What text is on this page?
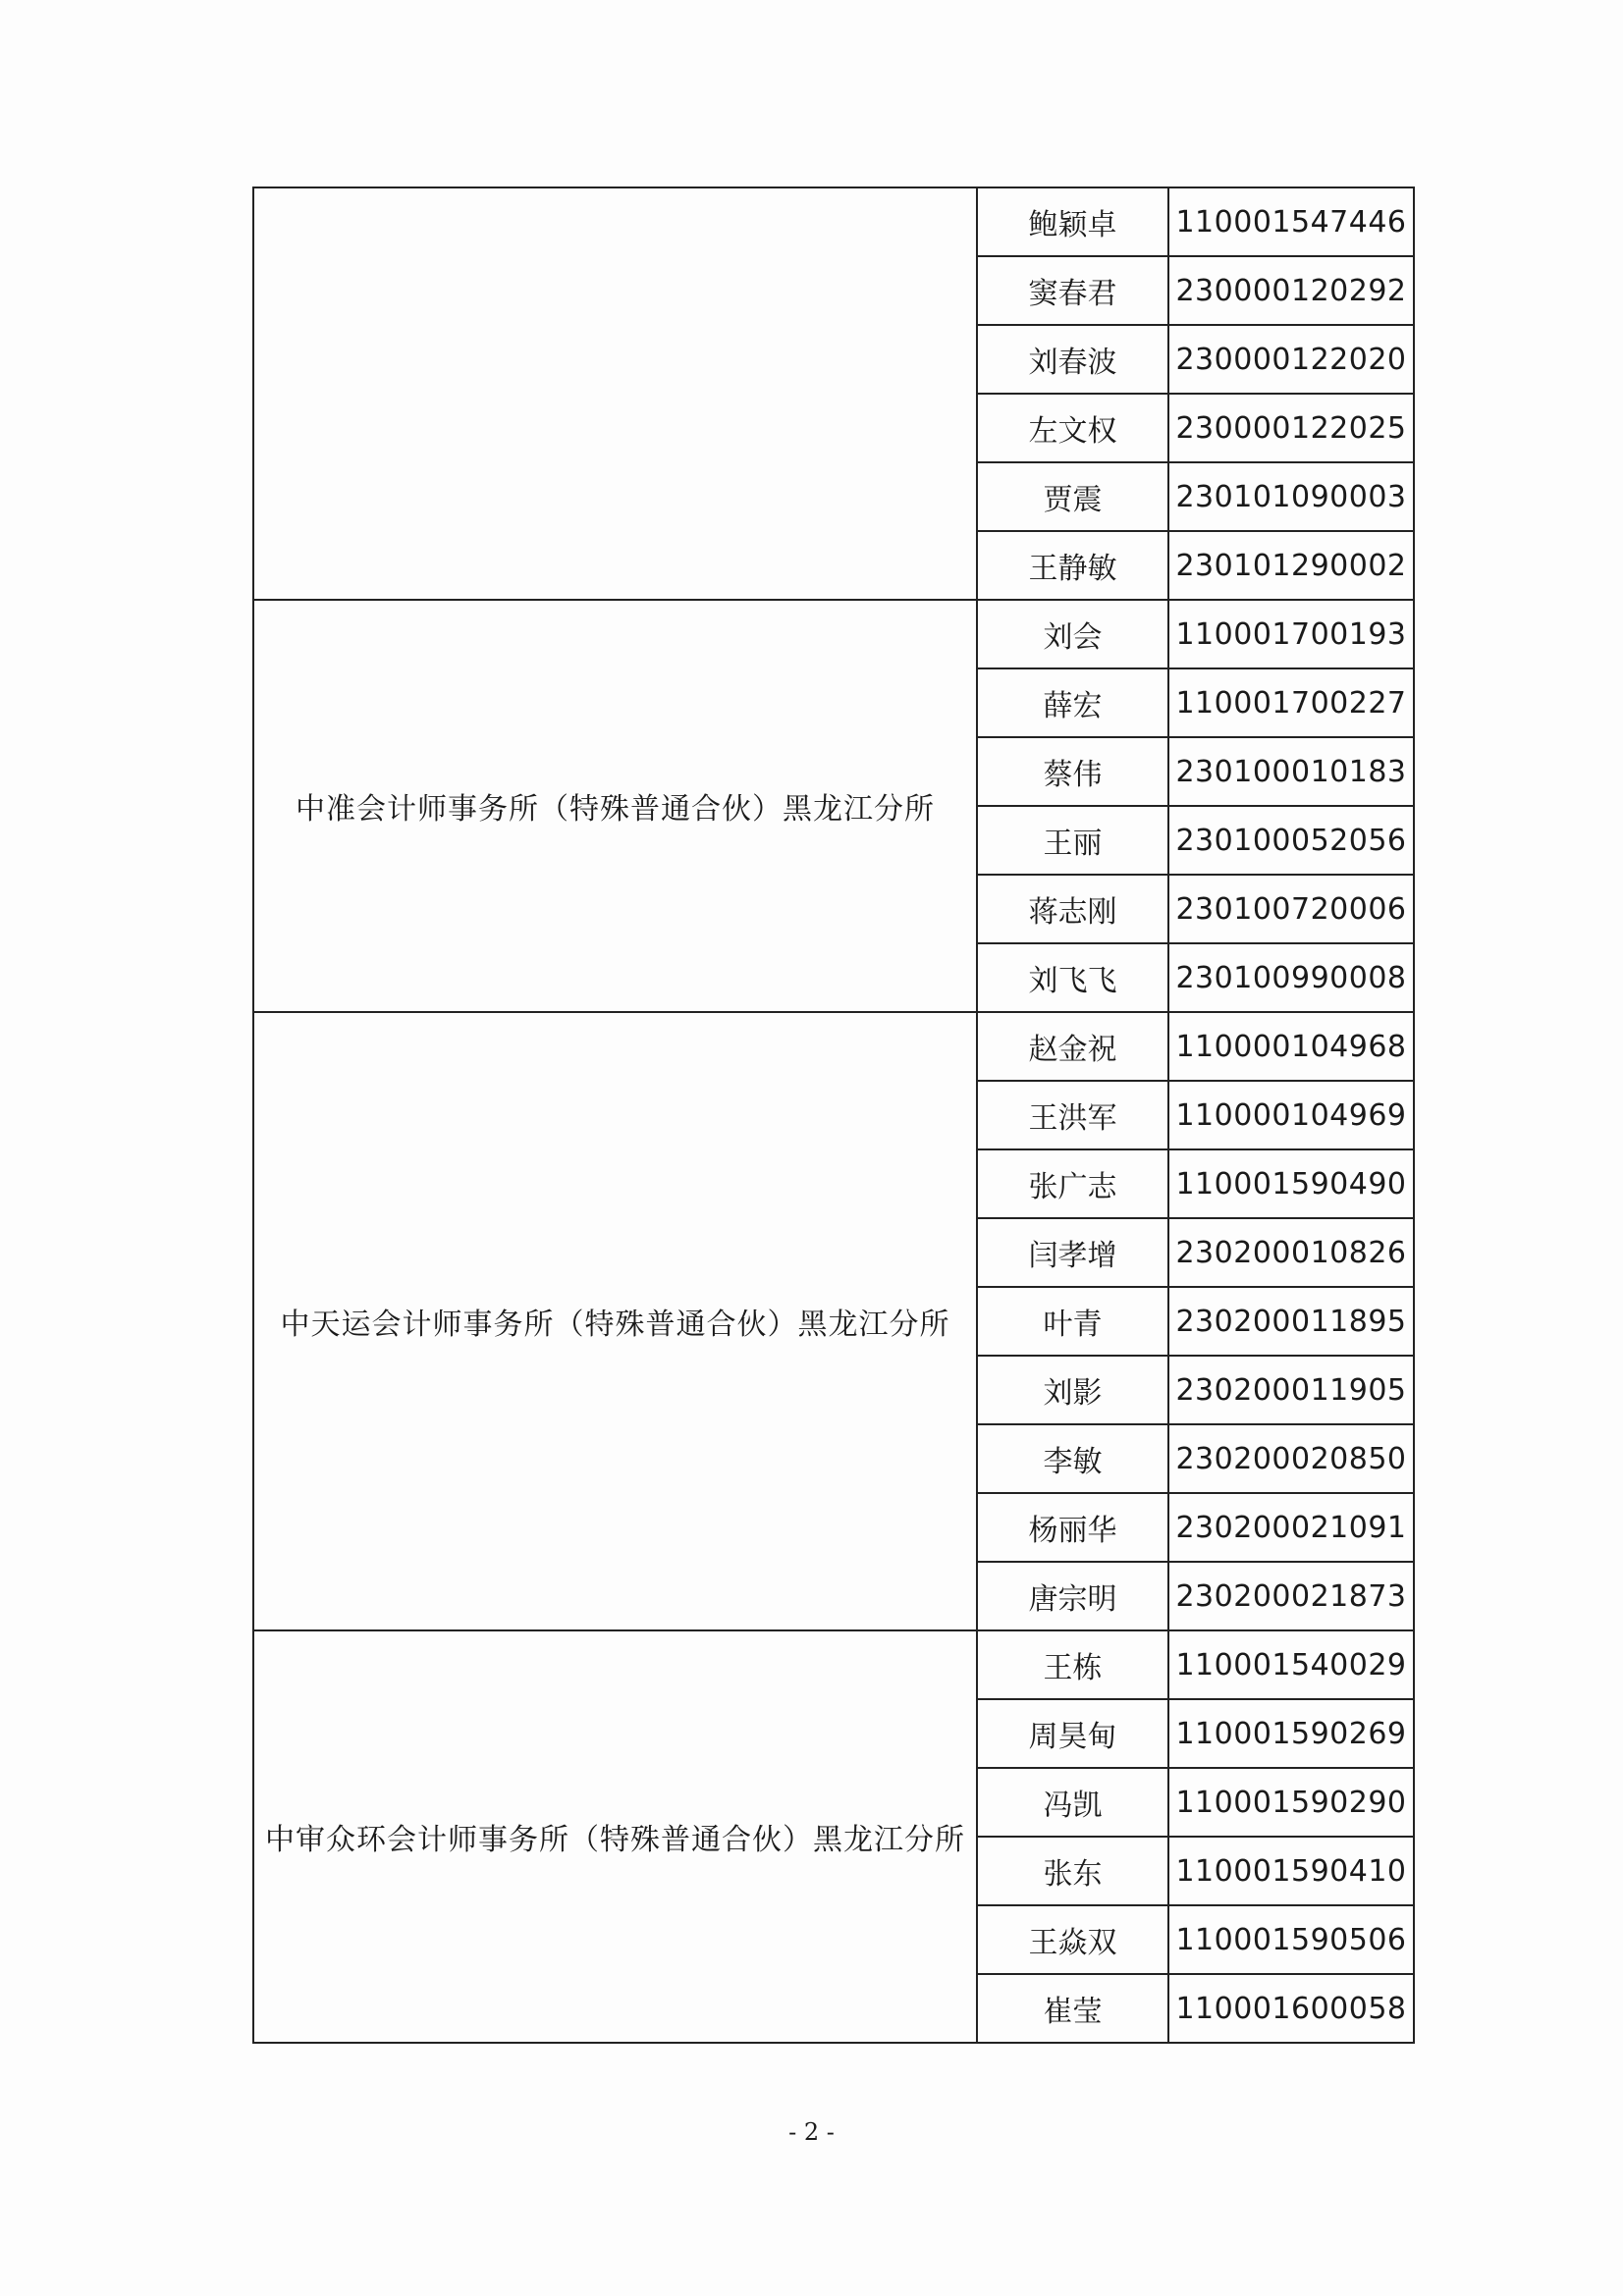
	鲍颖卓	110001547446
	窦春君	230000120292
	刘春波	230000122020
	左文权	230000122025
	贾震	230101090003
	王静敏	230101290002
中准会计师事务所（特殊普通合伙）黑龙江分所	刘会	110001700193
	薛宏	110001700227
	蔡伟	230100010183
	王丽	230100052056
	蒋志刚	230100720006
	刘飞飞	230100990008
中天运会计师事务所（特殊普通合伙）黑龙江分所	赵金祝	110000104968
	王洪军	110000104969
	张广志	110001590490
	闫孝增	230200010826
	叶青	230200011895
	刘影	230200011905
	李敏	230200020850
	杨丽华	230200021091
	唐宗明	230200021873
中审众环会计师事务所（特殊普通合伙）黑龙江分所	王栋	110001540029
	周昊甸	110001590269
	冯凯	110001590290
	张东	110001590410
	王焱双	110001590506
	崔莹	110001600058
- 2 -
